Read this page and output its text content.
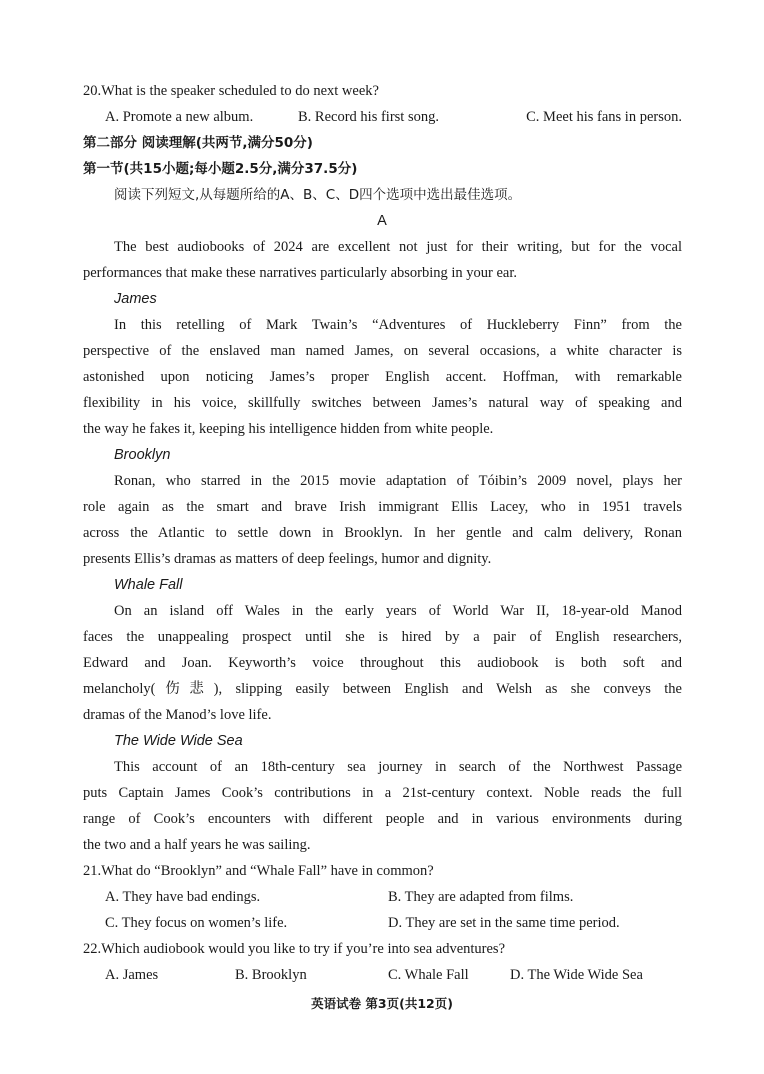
20.What is the speaker scheduled to do next week?

A. Promote a new album.	B. Record his first song.	C. Meet his fans in person.

第二部分 阅读理解(共两节,满分50分)

第一节(共15小题;每小题2.5分,满分37.5分)

阅读下列短文,从每题所给的A、B、C、D四个选项中选出最佳选项。

A

The best audiobooks of 2024 are excellent not just for their writing, but for the vocal

performances that make these narratives particularly absorbing in your ear.

James

In this retelling of Mark Twain’s “Adventures of Huckleberry Finn” from the

perspective of the enslaved man named James, on several occasions, a white character is

astonished upon noticing James’s proper English accent. Hoffman, with remarkable

flexibility in his voice, skillfully switches between James’s natural way of speaking and

the way he fakes it, keeping his intelligence hidden from white people.

Brooklyn

Ronan, who starred in the 2015 movie adaptation of Tóibin’s 2009 novel, plays her

role again as the smart and brave Irish immigrant Ellis Lacey, who in 1951 travels

across the Atlantic to settle down in Brooklyn. In her gentle and calm delivery, Ronan

presents Ellis’s dramas as matters of deep feelings, humor and dignity.

Whale Fall

On an island off Wales in the early years of World War II, 18-year-old Manod

faces the unappealing prospect until she is hired by a pair of English researchers,

Edward and Joan. Keyworth’s voice throughout this audiobook is both soft and

melancholy(伤悲), slipping easily between English and Welsh as she conveys the

dramas of the Manod’s love life.

The Wide Wide Sea

This account of an 18th-century sea journey in search of the Northwest Passage

puts Captain James Cook’s contributions in a 21st-century context. Noble reads the full

range of Cook’s encounters with different people and in various environments during

the two and a half years he was sailing.

21.What do “Brooklyn” and “Whale Fall” have in common?

A. They have bad endings.	B. They are adapted from films.
C. They focus on women’s life.	D. They are set in the same time period.

22.Which audiobook would you like to try if you’re into sea adventures?

A. James	B. Brooklyn	C. Whale Fall	D. The Wide Wide Sea
英语试卷 第3页(共12页)
